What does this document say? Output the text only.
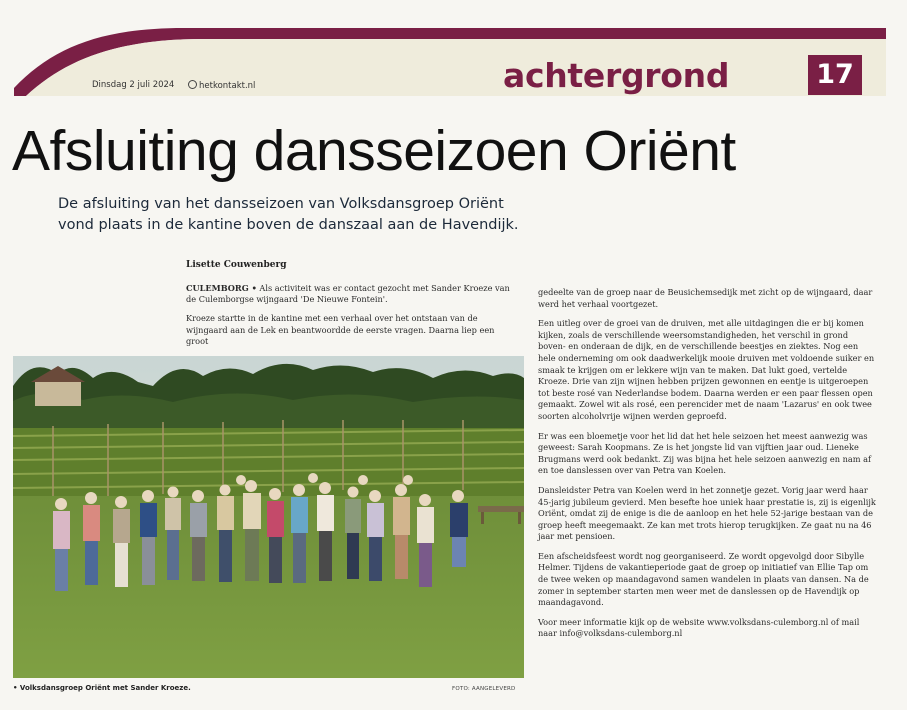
Dinsdag 2 juli 2024	hetkontakt.nl	achtergrond	17
Afsluiting dansseizoen Oriënt
De afsluiting van het dansseizoen van Volksdansgroep Oriënt
vond plaats in de kantine boven de danszaal aan de Havendijk.
Lisette Couwenberg

CULEMBORG • Als activiteit was er contact gezocht met Sander Kroeze van de Culemborgse wijngaard 'De Nieuwe Fontein'.

Kroeze startte in de kantine met een verhaal over het ontstaan van de wijngaard aan de Lek en beantwoordde de eerste vragen. Daarna liep een groot

• Volksdansgroep Oriënt met Sander Kroeze.	FOTO: AANGELEVERD

gedeelte van de groep naar de Beusichemsedijk met zicht op de wijngaard, daar werd het verhaal voortgezet.

Een uitleg over de groei van de druiven, met alle uitdagingen die er bij komen kijken, zoals de verschillende weersomstandigheden, het verschil in grond boven- en onderaan de dijk, en de verschillende beestjes en ziektes. Nog een hele onderneming om ook daadwerkelijk mooie druiven met voldoende suiker en smaak te krijgen om er lekkere wijn van te maken. Dat lukt goed, vertelde Kroeze. Drie van zijn wijnen hebben prijzen gewonnen en eentje is uitgeroepen tot beste rosé van Nederlandse bodem. Daarna werden er een paar flessen open gemaakt. Zowel wit als rosé, een perencider met de naam 'Lazarus' en ook twee soorten alcoholvrije wijnen werden geproefd.

Er was een bloemetje voor het lid dat het hele seizoen het meest aanwezig was geweest: Sarah Koopmans. Ze is het jongste lid van vijftien jaar oud. Lieneke Brugmans werd ook bedankt. Zij was bijna het hele seizoen aanwezig en nam af en toe danslessen over van Petra van Koelen.

Dansleidster Petra van Koelen werd in het zonnetje gezet. Vorig jaar werd haar 45-jarig jubileum gevierd. Men besefte hoe uniek haar prestatie is, zij is eigenlijk Oriënt, omdat zij de enige is die de aanloop en het hele 52-jarige bestaan van de groep heeft meegemaakt. Ze kan met trots hierop terugkijken. Ze gaat nu na 46 jaar met pensioen.

Een afscheidsfeest wordt nog georganiseerd. Ze wordt opgevolgd door Sibylle Helmer. Tijdens de vakantieperiode gaat de groep op initiatief van Ellie Tap om de twee weken op maandagavond samen wandelen in plaats van dansen. Na de zomer in september starten men weer met de danslessen op de Havendijk op maandagavond.

Voor meer informatie kijk op de website www.volksdans-culemborg.nl of mail naar info@volksdans-culemborg.nl
